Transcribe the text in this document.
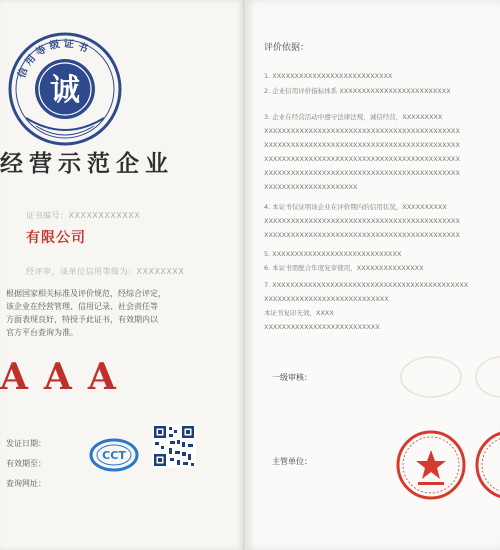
信 用 等 级 证 书
诚
经营示范企业
证书编号：XXXXXXXXXXXX
有限公司
经评审，该单位信用等级为：XXXXXXXX
根据国家相关标准及评价规范，经综合评定，
该企业在经营管理、信用记录、社会责任等
方面表现良好，特授予此证书，有效期内以
官方平台查询为准。
AAA
发证日期：
有效期至：
查询网址：
CCT
评价依据：
1. XXXXXXXXXXXXXXXXXXXXXXXXXXX
2. 企业信用评价指标体系 XXXXXXXXXXXXXXXXXXXXXXXXX
3. 企业在经营活动中遵守法律法规，诚信经营，XXXXXXXXX
XXXXXXXXXXXXXXXXXXXXXXXXXXXXXXXXXXXXXXXXXXXX
XXXXXXXXXXXXXXXXXXXXXXXXXXXXXXXXXXXXXXXXXXXX
XXXXXXXXXXXXXXXXXXXXXXXXXXXXXXXXXXXXXXXXXXXX
XXXXXXXXXXXXXXXXXXXXXXXXXXXXXXXXXXXXXXXXXXXX
XXXXXXXXXXXXXXXXXXXXX
4. 本证书仅证明该企业在评价期内的信用状况，XXXXXXXXXX
XXXXXXXXXXXXXXXXXXXXXXXXXXXXXXXXXXXXXXXXXXXX
XXXXXXXXXXXXXXXXXXXXXXXXXXXXXXXXXXXXXXXXXXXX
5. XXXXXXXXXXXXXXXXXXXXXXXXXXXXX
6. 本证书需配合年度复审使用，XXXXXXXXXXXXXXX
7. XXXXXXXXXXXXXXXXXXXXXXXXXXXXXXXXXXXXXXXXXXXX
XXXXXXXXXXXXXXXXXXXXXXXXXXXX
本证书复印无效，XXXX
XXXXXXXXXXXXXXXXXXXXXXXXXX
一级审核：
主管单位：
